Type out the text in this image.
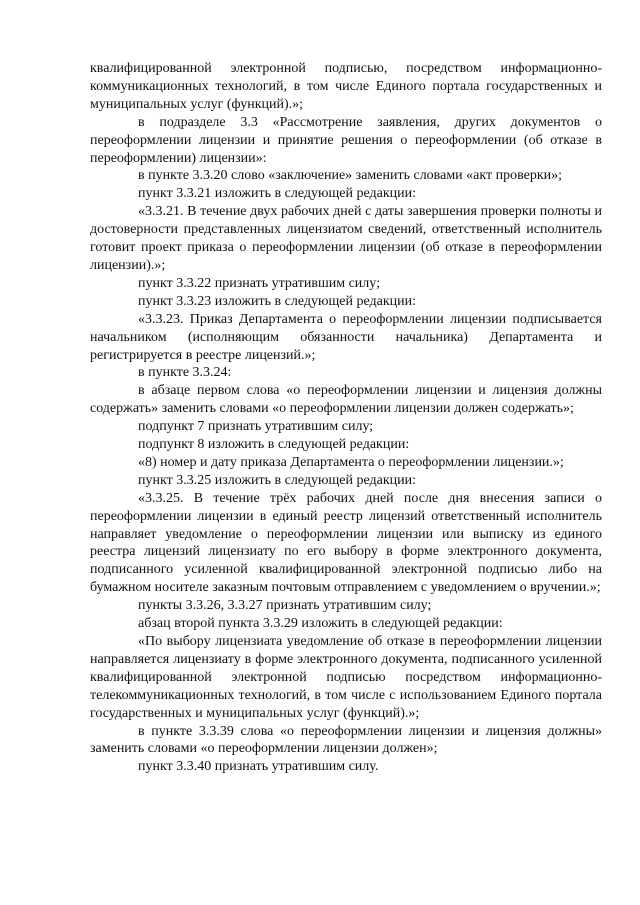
квалифицированной электронной подписью, посредством информационно-коммуникационных технологий, в том числе Единого портала государственных и муниципальных услуг (функций).»;

в подразделе 3.3 «Рассмотрение заявления, других документов о переоформлении лицензии и принятие решения о переоформлении (об отказе в переоформлении) лицензии»:

в пункте 3.3.20 слово «заключение» заменить словами «акт проверки»;

пункт 3.3.21 изложить в следующей редакции:

«3.3.21. В течение двух рабочих дней с даты завершения проверки полноты и достоверности представленных лицензиатом сведений, ответственный исполнитель готовит проект приказа о переоформлении лицензии (об отказе в переоформлении лицензии).»;

пункт 3.3.22 признать утратившим силу;

пункт 3.3.23 изложить в следующей редакции:

«3.3.23. Приказ Департамента о переоформлении лицензии подписывается начальником (исполняющим обязанности начальника) Департамента и регистрируется в реестре лицензий.»;

в пункте 3.3.24:

в абзаце первом слова «о переоформлении лицензии и лицензия должны содержать» заменить словами «о переоформлении лицензии должен содержать»;

подпункт 7 признать утратившим силу;

подпункт 8 изложить в следующей редакции:

«8) номер и дату приказа Департамента о переоформлении лицензии.»;

пункт 3.3.25 изложить в следующей редакции:

«3.3.25. В течение трёх рабочих дней после дня внесения записи о переоформлении лицензии в единый реестр лицензий ответственный исполнитель направляет уведомление о переоформлении лицензии или выписку из единого реестра лицензий лицензиату по его выбору в форме электронного документа, подписанного усиленной квалифицированной электронной подписью либо на бумажном носителе заказным почтовым отправлением с уведомлением о вручении.»;

пункты 3.3.26, 3.3.27 признать утратившим силу;

абзац второй пункта 3.3.29 изложить в следующей редакции:

«По выбору лицензиата уведомление об отказе в переоформлении лицензии направляется лицензиату в форме электронного документа, подписанного усиленной квалифицированной электронной подписью посредством информационно-телекоммуникационных технологий, в том числе с использованием Единого портала государственных и муниципальных услуг (функций).»;

в пункте 3.3.39 слова «о переоформлении лицензии и лицензия должны» заменить словами «о переоформлении лицензии должен»;

пункт 3.3.40 признать утратившим силу.
